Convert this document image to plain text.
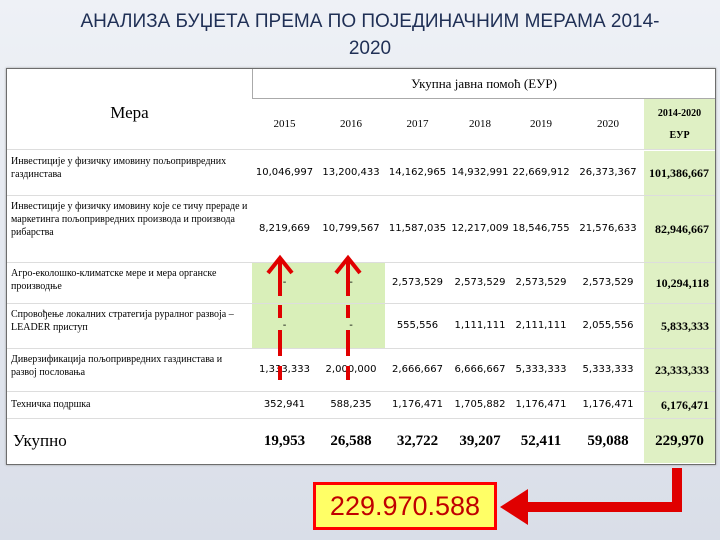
АНАЛИЗА БУЏЕТА ПРЕМА ПО ПОЈЕДИНАЧНИМ МЕРАМА 2014-2020
Укупна јавна помоћ (ЕУР)
Мера
2015	2016	2017	2018	2019	2020
2014-2020
ЕУР
Инвестиције у физичку имовину пољопривредних газдинстава	10,046,997 13,200,433 14,162,965 14,932,991 22,669,912 26,373,367	101,386,667
Инвестиције у физичку имовину које се тичу прераде и маркетинга пољопривредних производа и производа рибарства	8,219,669	10,799,567 11,587,035 12,217,009 18,546,755 21,576,633	82,946,667
Агро-еколошко-климатске мере и мера органске производње	-	-	2,573,529	2,573,529	2,573,529	2,573,529	10,294,118
Спровођење локалних стратегија руралног развоја – LEADER приступ	-	-	555,556	1,111,111	2,111,111	2,055,556	5,833,333
Диверзификација пољопривредних газдинстава и развој пословања	1,333,333	2,000,000	2,666,667	6,666,667	5,333,333	5,333,333	23,333,333
Техничка подршка	352,941	588,235	1,176,471	1,705,882	1,176,471	1,176,471	6,176,471
Укупно	19,953	26,588	32,722	39,207	52,411	59,088	229,970
229.970.588
